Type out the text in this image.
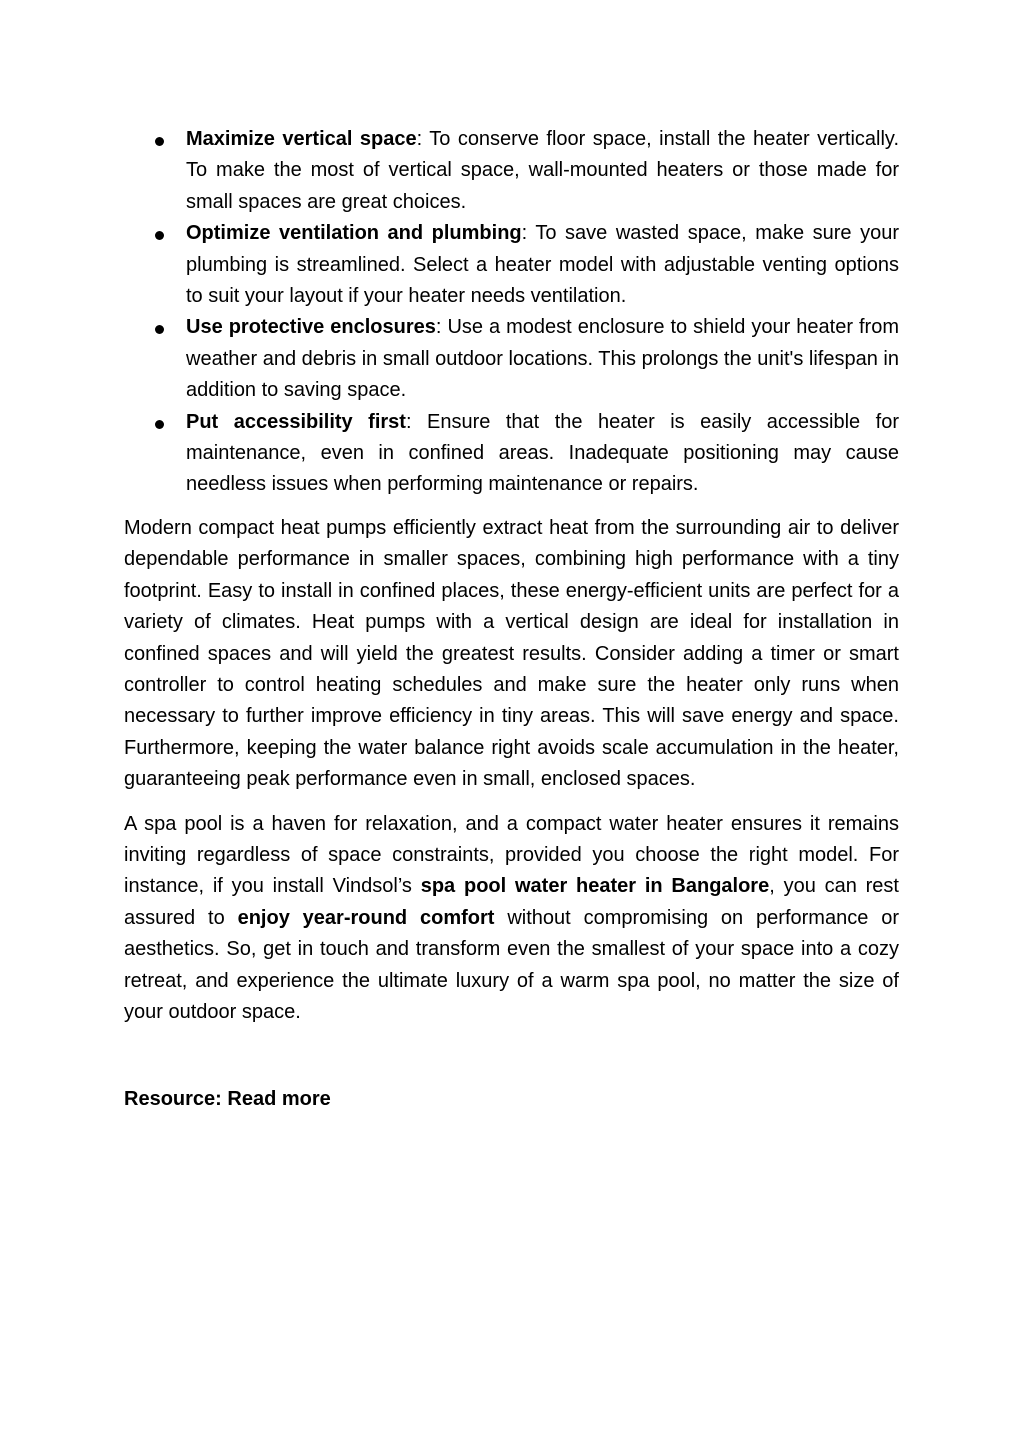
Maximize vertical space: To conserve floor space, install the heater vertically. To make the most of vertical space, wall-mounted heaters or those made for small spaces are great choices.
Optimize ventilation and plumbing: To save wasted space, make sure your plumbing is streamlined. Select a heater model with adjustable venting options to suit your layout if your heater needs ventilation.
Use protective enclosures: Use a modest enclosure to shield your heater from weather and debris in small outdoor locations. This prolongs the unit's lifespan in addition to saving space.
Put accessibility first: Ensure that the heater is easily accessible for maintenance, even in confined areas. Inadequate positioning may cause needless issues when performing maintenance or repairs.

Modern compact heat pumps efficiently extract heat from the surrounding air to deliver dependable performance in smaller spaces, combining high performance with a tiny footprint. Easy to install in confined places, these energy-efficient units are perfect for a variety of climates. Heat pumps with a vertical design are ideal for installation in confined spaces and will yield the greatest results. Consider adding a timer or smart controller to control heating schedules and make sure the heater only runs when necessary to further improve efficiency in tiny areas. This will save energy and space. Furthermore, keeping the water balance right avoids scale accumulation in the heater, guaranteeing peak performance even in small, enclosed spaces.

A spa pool is a haven for relaxation, and a compact water heater ensures it remains inviting regardless of space constraints, provided you choose the right model. For instance, if you install Vindsol’s spa pool water heater in Bangalore, you can rest assured to enjoy year-round comfort without compromising on performance or aesthetics. So, get in touch and transform even the smallest of your space into a cozy retreat, and experience the ultimate luxury of a warm spa pool, no matter the size of your outdoor space.

Resource: Read more
